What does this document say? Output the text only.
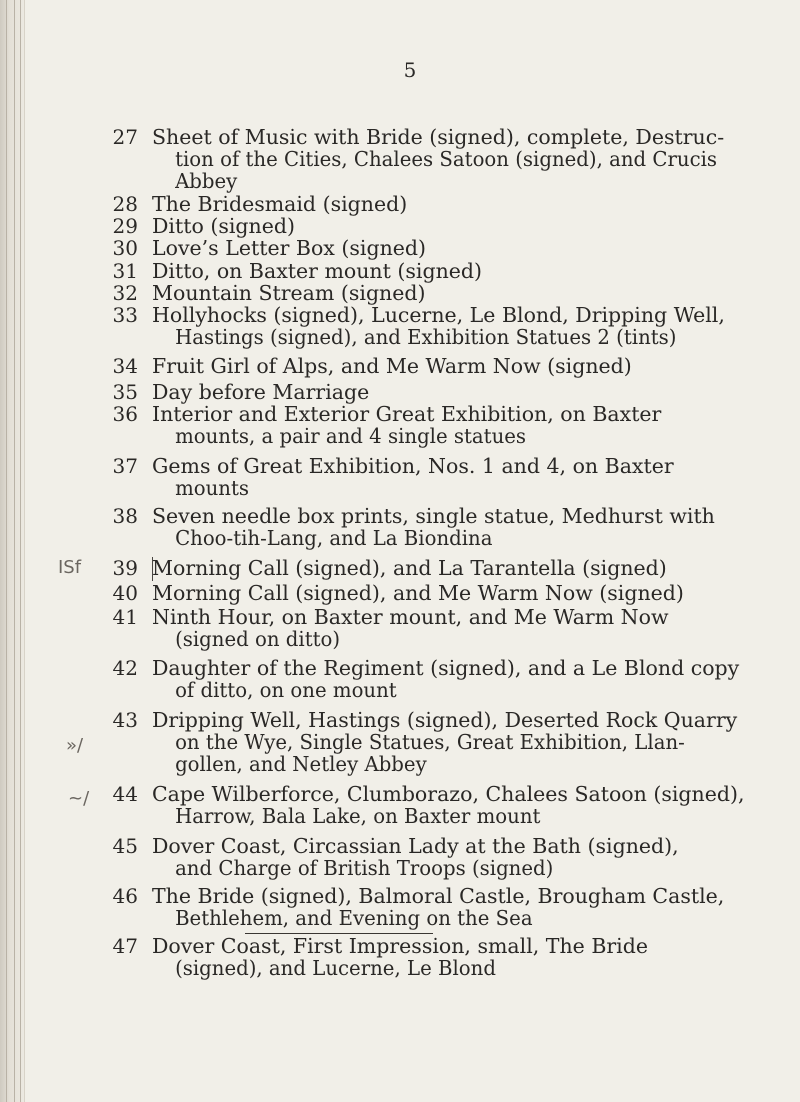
5
27 Sheet of Music with Bride (signed), complete, Destruc-
tion of the Cities, Chalees Satoon (signed), and Crucis
Abbey
28 The Bridesmaid (signed)
29 Ditto (signed)
30 Love’s Letter Box (signed)
31 Ditto, on Baxter mount (signed)
32 Mountain Stream (signed)
33 Hollyhocks (signed), Lucerne, Le Blond, Dripping Well,
Hastings (signed), and Exhibition Statues 2 (tints)
34 Fruit Girl of Alps, and Me Warm Now (signed)
35 Day before Marriage
36 Interior and Exterior Great Exhibition, on Baxter
mounts, a pair and 4 single statues
37 Gems of Great Exhibition, Nos. 1 and 4, on Baxter
mounts
38 Seven needle box prints, single statue, Medhurst with
Choo-tih-Lang, and La Biondina
39 Morning Call (signed), and La Tarantella (signed)
40 Morning Call (signed), and Me Warm Now (signed)
41 Ninth Hour, on Baxter mount, and Me Warm Now
(signed on ditto)
42 Daughter of the Regiment (signed), and a Le Blond copy
of ditto, on one mount
43 Dripping Well, Hastings (signed), Deserted Rock Quarry
on the Wye, Single Statues, Great Exhibition, Llan-
gollen, and Netley Abbey
44 Cape Wilberforce, Clumborazo, Chalees Satoon (signed),
Harrow, Bala Lake, on Baxter mount
45 Dover Coast, Circassian Lady at the Bath (signed),
and Charge of British Troops (signed)
46 The Bride (signed), Balmoral Castle, Brougham Castle,
Bethlehem, and Evening on the Sea
47 Dover Coast, First Impression, small, The Bride
(signed), and Lucerne, Le Blond
ISf
»/
~/
